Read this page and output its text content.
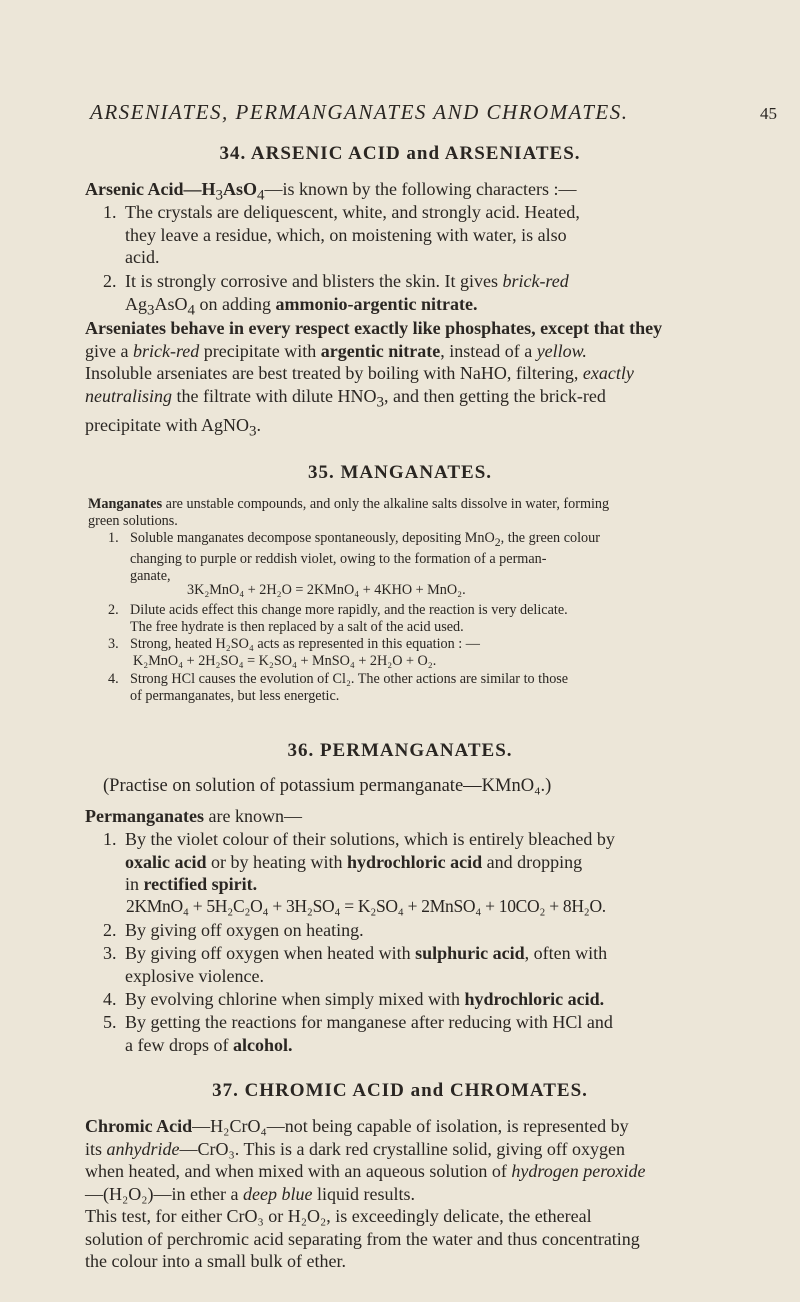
ARSENIATES, PERMANGANATES AND CHROMATES.	45
34. ARSENIC ACID and ARSENIATES.
Arsenic $Acid—H_3AsO_4—is$ known by the following characters :—
1. The crystals are deliquescent, white, and strongly acid. Heated,
they leave a residue, which, on moistening with water, is also
acid.
2. It is strongly corrosive and blisters the skin. It gives brick-red
$Ag_3AsO_4$ on adding ammonio-argentic nitrate.
Arseniates behave in every respect exactly like phosphates, except that they
give a brick-red precipitate with argentic nitrate, instead of a yellow.
Insoluble arseniates are best treated by boiling with NaHO, filtering, exactly
neutralising the filtrate with dilute $HNO_3$, and then getting the brick-red
precipitate with AgNO$_3$.
35. MANGANATES.
Manganates are unstable compounds, and only the alkaline salts dissolve in water, forming
green solutions.
1. Soluble manganates decompose spontaneously, depositing MnO$_2$, the green colour
changing to purple or reddish violet, owing to the formation of a perman-
ganate,
3K₂MnO₄ + 2H₂O = 2KMnO₄ + 4KHO + MnO₂.
2. Dilute acids effect this change more rapidly, and the reaction is very delicate.
The free hydrate is then replaced by a salt of the acid used.
3. Strong, heated H₂SO₄ acts as represented in this equation : —
K₂MnO₄ + 2H₂SO₄ = K₂SO₄ + MnSO₄ + 2H₂O + O₂.
4. Strong HCl causes the evolution of Cl₂. The other actions are similar to those
of permanganates, but less energetic.
36. PERMANGANATES.
(Practise on solution of potassium permanganate—KMnO₄.)
Permanganates are known—
1. By the violet colour of their solutions, which is entirely bleached by
oxalic acid or by heating with hydrochloric acid and dropping
in rectified spirit.
2KMnO₄ + 5H₂C₂O₄ + 3H₂SO₄ = K₂SO₄ + 2MnSO₄ + 10CO₂ + 8H₂O.
2. By giving off oxygen on heating.
3. By giving off oxygen when heated with sulphuric acid, often with
explosive violence.
4. By evolving chlorine when simply mixed with hydrochloric acid.
5. By getting the reactions for manganese after reducing with HCl and
a few drops of alcohol.
37. CHROMIC ACID and CHROMATES.
Chromic Acid—H₂CrO₄—not being capable of isolation, is represented by
its anhydride—CrO₃. This is a dark red crystalline solid, giving off oxygen
when heated, and when mixed with an aqueous solution of hydrogen peroxide
—(H₂O₂)—in ether a deep blue liquid results.
This test, for either CrO₃ or H₂O₂, is exceedingly delicate, the ethereal
solution of perchromic acid separating from the water and thus concentrating
the colour into a small bulk of ether.
